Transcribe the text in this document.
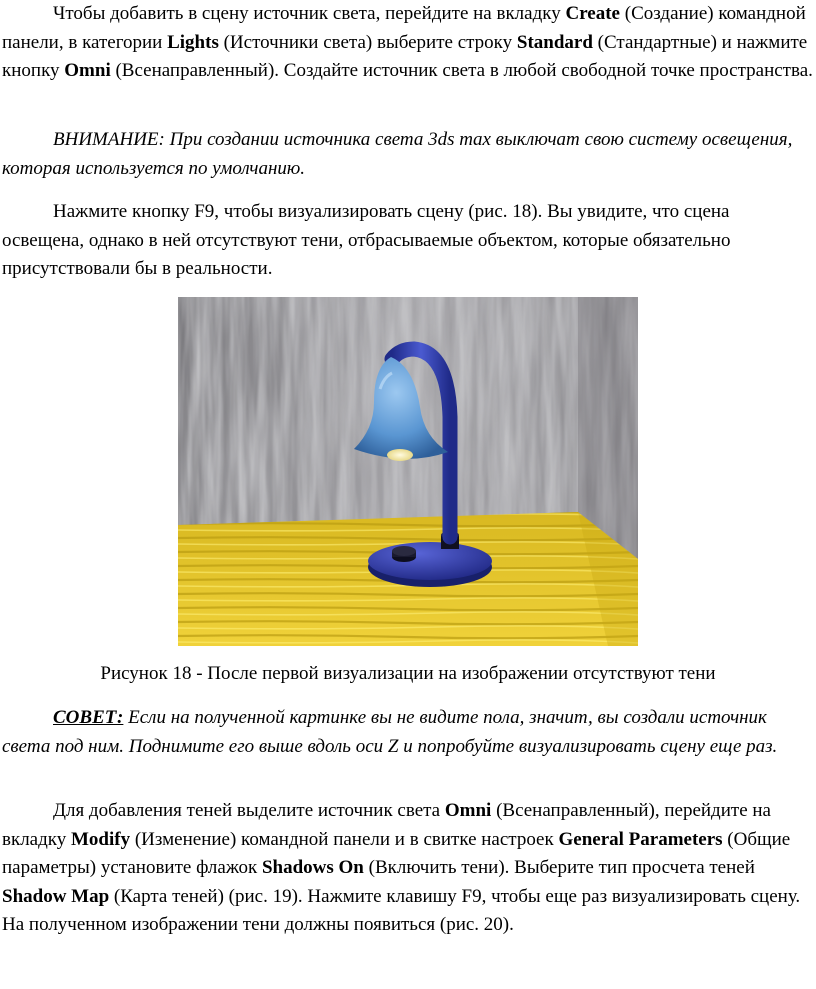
Чтобы добавить в сцену источник света, перейдите на вкладку Create (Создание) командной панели, в категории Lights (Источники света) выберите строку Standard (Стандартные) и нажмите кнопку Omni (Всенаправленный). Создайте источник света в любой свободной точке пространства.

ВНИМАНИЕ: При создании источника света 3ds max выключат свою систему освещения, которая используется по умолчанию.

Нажмите кнопку F9, чтобы визуализировать сцену (рис. 18). Вы увидите, что сцена освещена, однако в ней отсутствуют тени, отбрасываемые объектом, которые обязательно присутствовали бы в реальности.

Рисунок 18 - После первой визуализации на изображении отсутствуют тени

СОВЕТ: Если на полученной картинке вы не видите пола, значит, вы создали источник света под ним. Поднимите его выше вдоль оси Z и попробуйте визуализировать сцену еще раз.

Для добавления теней выделите источник света Omni (Всенаправленный), перейдите на вкладку Modify (Изменение) командной панели и в свитке настроек General Parameters (Общие параметры) установите флажок Shadows On (Включить тени). Выберите тип просчета теней Shadow Map (Карта теней) (рис. 19). Нажмите клавишу F9, чтобы еще раз визуализировать сцену. На полученном изображении тени должны появиться (рис. 20).
